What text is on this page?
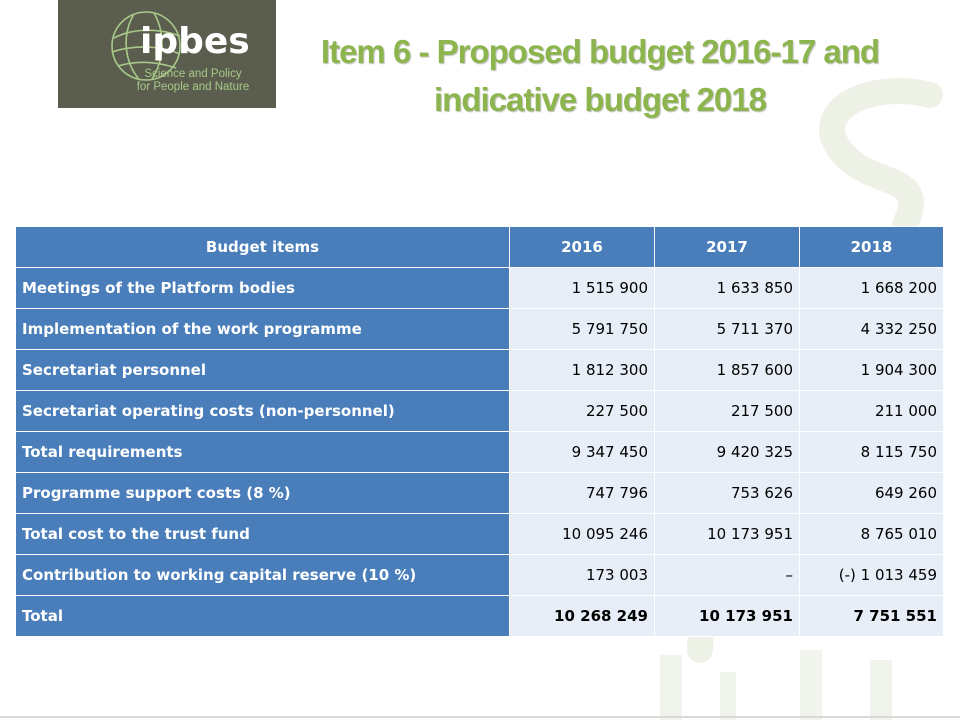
ipbes
Science and Policy
for People and Nature
Item 6 - Proposed budget 2016-17 and
indicative budget 2018
Budget items	2016	2017	2018
Meetings of the Platform bodies	1 515 900	1 633 850	1 668 200
Implementation of the work programme	5 791 750	5 711 370	4 332 250
Secretariat personnel	1 812 300	1 857 600	1 904 300
Secretariat operating costs (non-personnel)	227 500	217 500	211 000
Total requirements	9 347 450	9 420 325	8 115 750
Programme support costs (8 %)	747 796	753 626	649 260
Total cost to the trust fund	10 095 246	10 173 951	8 765 010
Contribution to working capital reserve (10 %)	173 003	–	(-) 1 013 459
Total	10 268 249	10 173 951	7 751 551
